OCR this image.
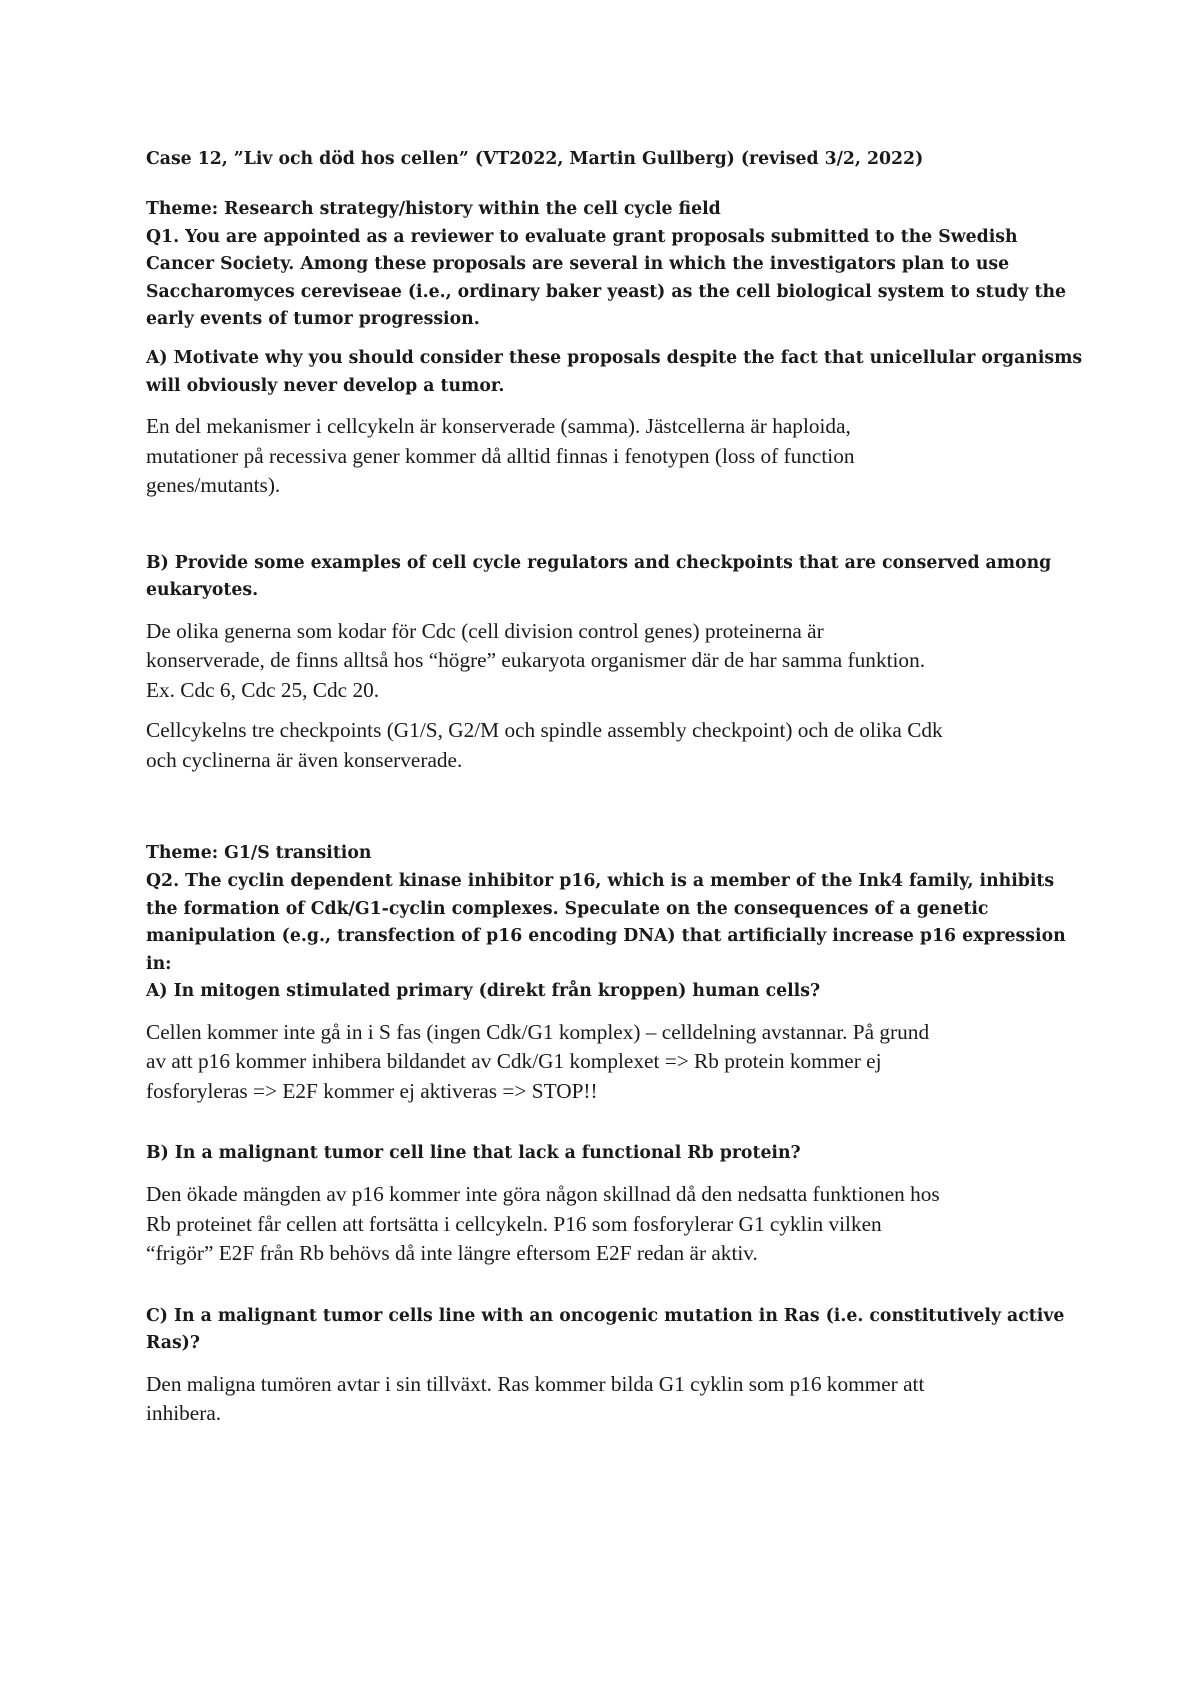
Case 12, ”Liv och död hos cellen” (VT2022, Martin Gullberg) (revised 3/2, 2022)

Theme: Research strategy/history within the cell cycle field

Q1. You are appointed as a reviewer to evaluate grant proposals submitted to the Swedish

Cancer Society. Among these proposals are several in which the investigators plan to use

Saccharomyces cereviseae (i.e., ordinary baker yeast) as the cell biological system to study the

early events of tumor progression.

A) Motivate why you should consider these proposals despite the fact that unicellular organisms

will obviously never develop a tumor.

En del mekanismer i cellcykeln är konserverade (samma). Jästcellerna är haploida,

mutationer på recessiva gener kommer då alltid finnas i fenotypen (loss of function

genes/mutants).

B) Provide some examples of cell cycle regulators and checkpoints that are conserved among

eukaryotes.

De olika generna som kodar för Cdc (cell division control genes) proteinerna är

konserverade, de finns alltså hos “högre” eukaryota organismer där de har samma funktion.

Ex. Cdc 6, Cdc 25, Cdc 20.

Cellcykelns tre checkpoints (G1/S, G2/M och spindle assembly checkpoint) och de olika Cdk

och cyclinerna är även konserverade.

Theme: G1/S transition

Q2. The cyclin dependent kinase inhibitor p16, which is a member of the Ink4 family, inhibits

the formation of Cdk/G1-cyclin complexes. Speculate on the consequences of a genetic

manipulation (e.g., transfection of p16 encoding DNA) that artificially increase p16 expression

in:

A) In mitogen stimulated primary (direkt från kroppen) human cells?

Cellen kommer inte gå in i S fas (ingen Cdk/G1 komplex) – celldelning avstannar. På grund

av att p16 kommer inhibera bildandet av Cdk/G1 komplexet => Rb protein kommer ej

fosforyleras => E2F kommer ej aktiveras => STOP!!

B) In a malignant tumor cell line that lack a functional Rb protein?

Den ökade mängden av p16 kommer inte göra någon skillnad då den nedsatta funktionen hos

Rb proteinet får cellen att fortsätta i cellcykeln. P16 som fosforylerar G1 cyklin vilken

“frigör” E2F från Rb behövs då inte längre eftersom E2F redan är aktiv.

C) In a malignant tumor cells line with an oncogenic mutation in Ras (i.e. constitutively active

Ras)?

Den maligna tumören avtar i sin tillväxt. Ras kommer bilda G1 cyklin som p16 kommer att

inhibera.
